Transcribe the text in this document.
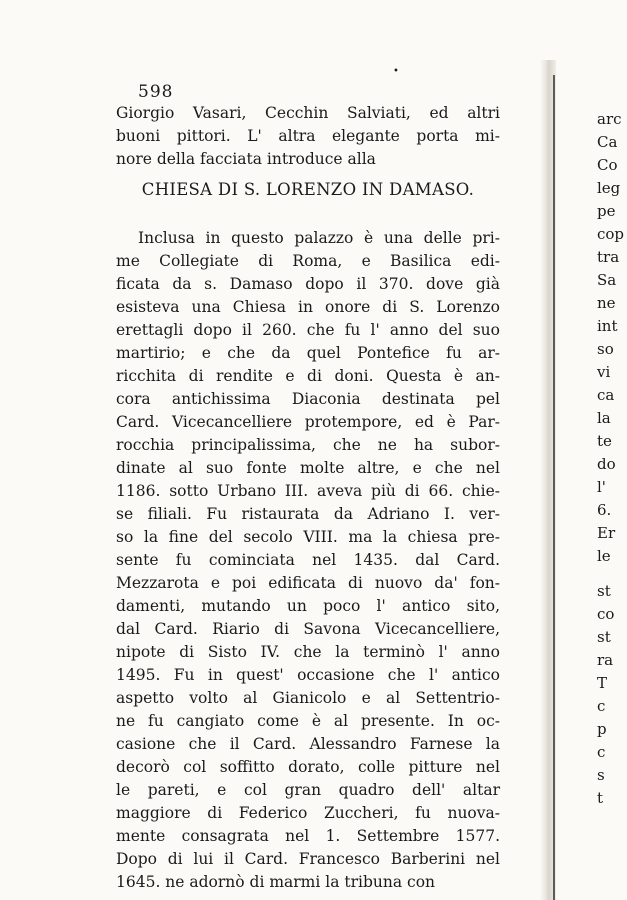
•
598
Giorgio Vasari, Cecchin Salviati, ed altri
buoni pittori. L' altra elegante porta mi-
nore della facciata introduce alla
CHIESA DI S. LORENZO IN DAMASO.
Inclusa in questo palazzo è una delle pri-
me Collegiate di Roma, e Basilica edi-
ficata da s. Damaso dopo il 370. dove già
esisteva una Chiesa in onore di S. Lorenzo
erettagli dopo il 260. che fu l' anno del suo
martirio; e che da quel Pontefice fu ar-
ricchita di rendite e di doni. Questa è an-
cora antichissima Diaconia destinata pel
Card. Vicecancelliere protempore, ed è Par-
rocchia principalissima, che ne ha subor-
dinate al suo fonte molte altre, e che nel
1186. sotto Urbano III. aveva più di 66. chie-
se filiali. Fu ristaurata da Adriano I. ver-
so la fine del secolo VIII. ma la chiesa pre-
sente fu cominciata nel 1435. dal Card.
Mezzarota e poi edificata di nuovo da' fon-
damenti, mutando un poco l' antico sito,
dal Card. Riario di Savona Vicecancelliere,
nipote di Sisto IV. che la terminò l' anno
1495. Fu in quest' occasione che l' antico
aspetto volto al Gianicolo e al Settentrio-
ne fu cangiato come è al presente. In oc-
casione che il Card. Alessandro Farnese la
decorò col soffitto dorato, colle pitture nel
le pareti, e col gran quadro dell' altar
maggiore di Federico Zuccheri, fu nuova-
mente consagrata nel 1. Settembre 1577.
Dopo di lui il Card. Francesco Barberini nel
1645. ne adornò di marmi la tribuna con
arc
Ca
Co
leg
pe
cop
tra
Sa
ne
int
so
vi
ca
la
te
do
l'
6.
Er
le
st
co
st
ra
T
c
p
c
s
t
